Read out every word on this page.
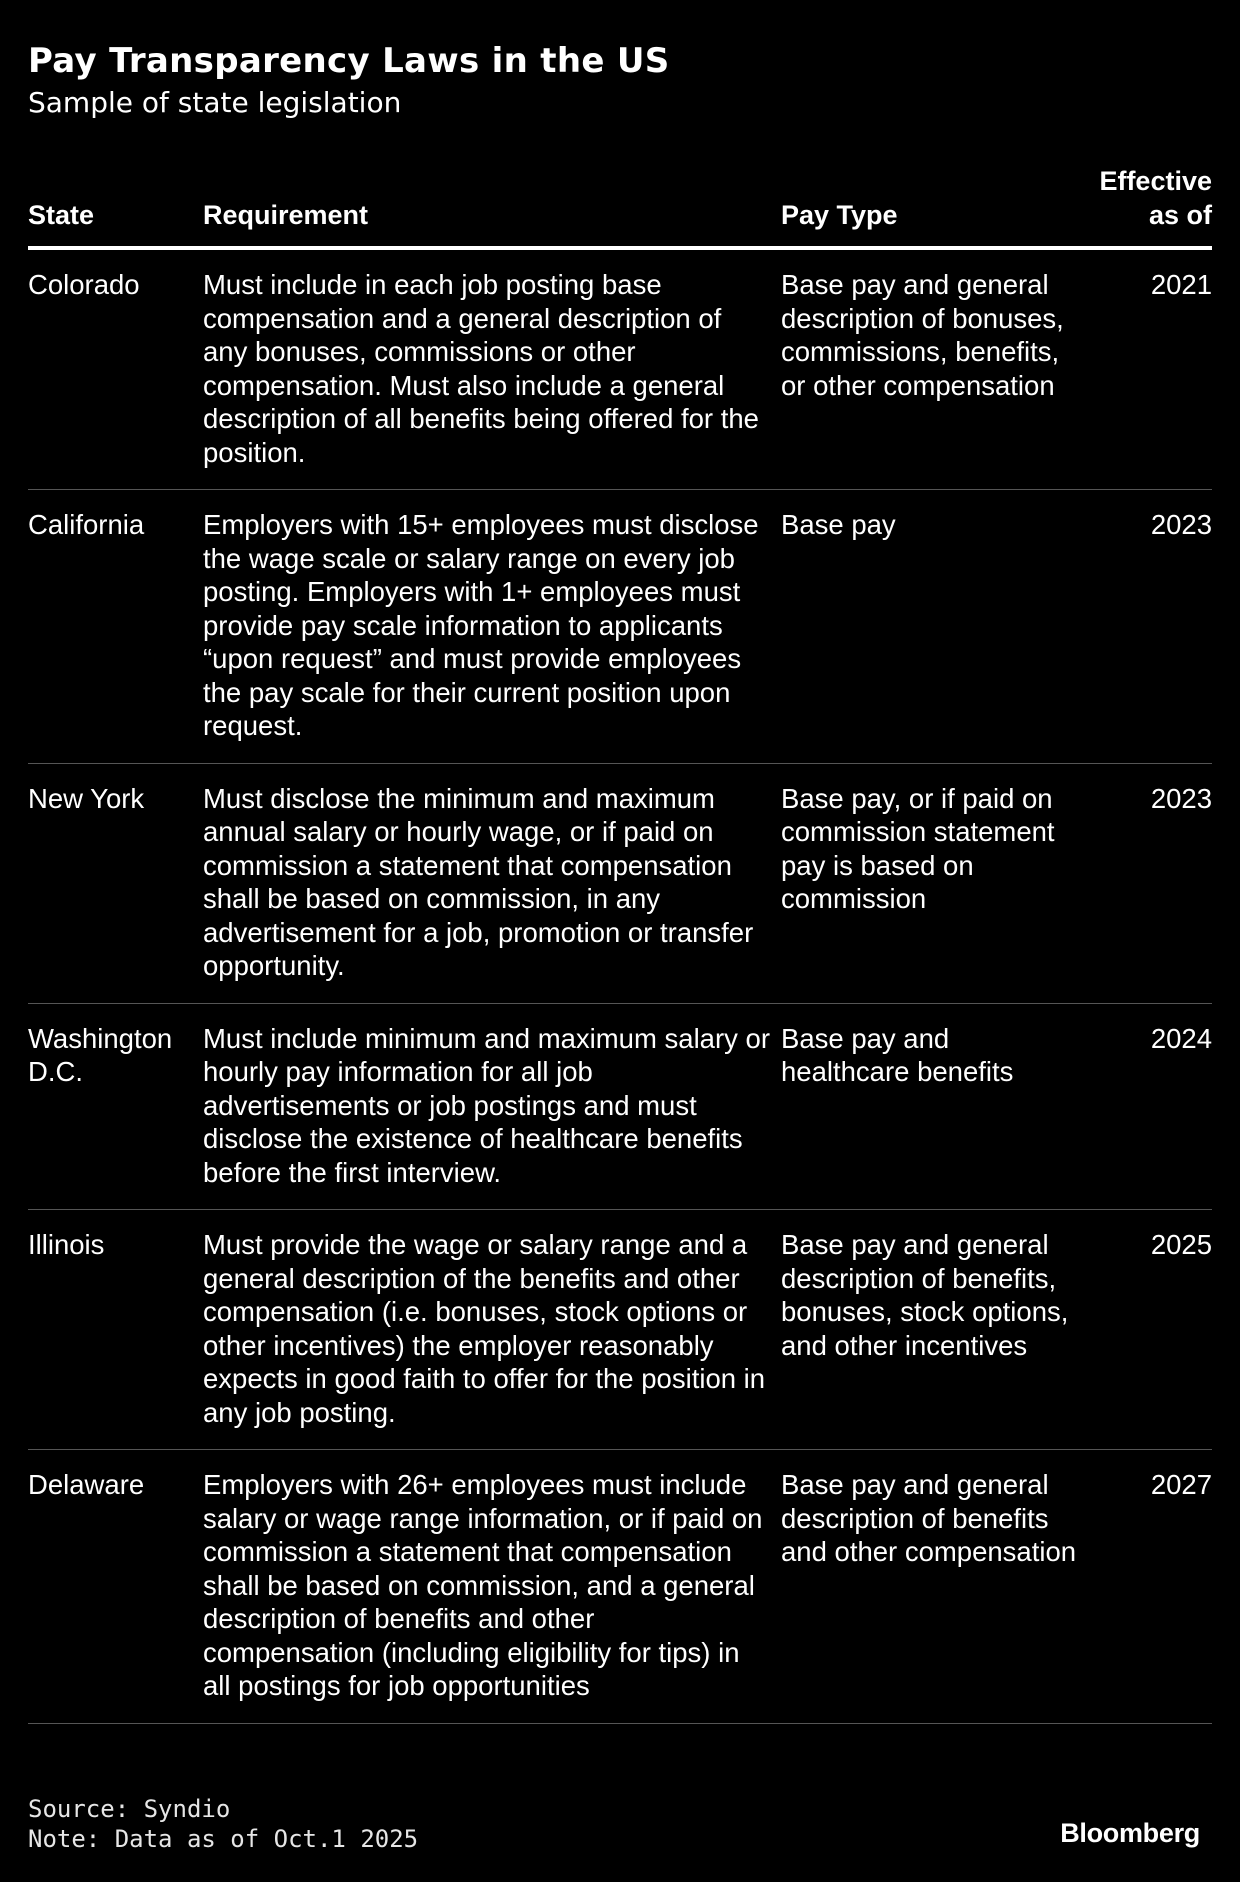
Pay Transparency Laws in the US

Sample of state legislation

State	Requirement	Pay Type	Effective as of
Colorado	Must include in each job posting base compensation and a general description of any bonuses, commissions or other compensation. Must also include a general description of all benefits being offered for the position.	Base pay and general description of bonuses, commissions, benefits, or other compensation	2021
California	Employers with 15+ employees must disclose the wage scale or salary range on every job posting. Employers with 1+ employees must provide pay scale information to applicants “upon request” and must provide employees the pay scale for their current position upon request.	Base pay	2023
New York	Must disclose the minimum and maximum annual salary or hourly wage, or if paid on commission a statement that compensation shall be based on commission, in any advertisement for a job, promotion or transfer opportunity.	Base pay, or if paid on commission statement pay is based on commission	2023
Washington D.C.	Must include minimum and maximum salary or hourly pay information for all job advertisements or job postings and must disclose the existence of healthcare benefits before the first interview.	Base pay and healthcare benefits	2024
Illinois	Must provide the wage or salary range and a general description of the benefits and other compensation (i.e. bonuses, stock options or other incentives) the employer reasonably expects in good faith to offer for the position in any job posting.	Base pay and general description of benefits, bonuses, stock options, and other incentives	2025
Delaware	Employers with 26+ employees must include salary or wage range information, or if paid on commission a statement that compensation shall be based on commission, and a general description of benefits and other compensation (including eligibility for tips) in all postings for job opportunities	Base pay and general description of benefits and other compensation	2027
Source: Syndio
Note: Data as of Oct.1 2025	Bloomberg
